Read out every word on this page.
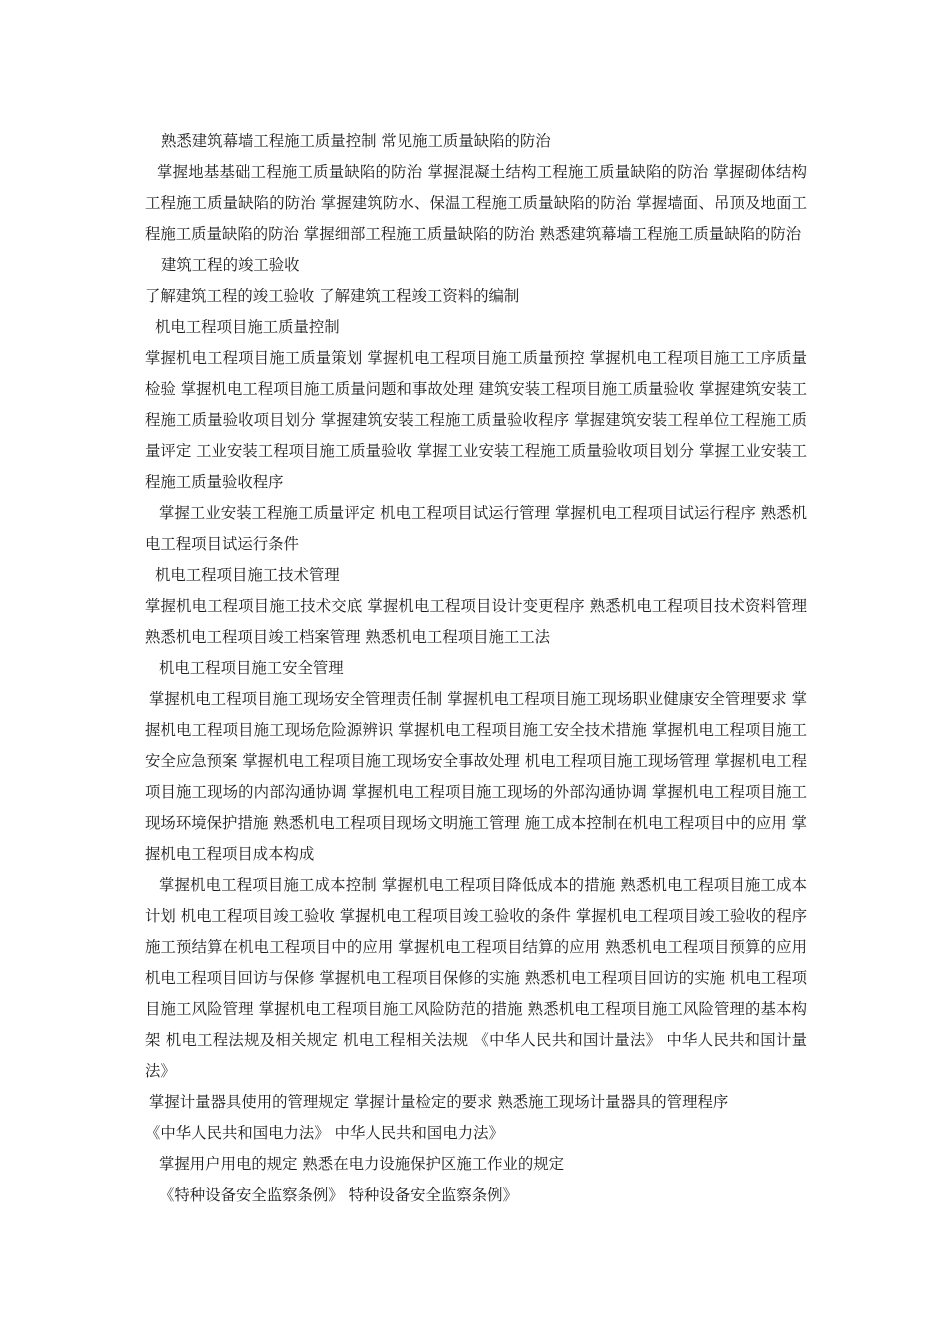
熟悉建筑幕墙工程施工质量控制 常见施工质量缺陷的防治

掌握地基基础工程施工质量缺陷的防治 掌握混凝土结构工程施工质量缺陷的防治 掌握砌体结构工程施工质量缺陷的防治 掌握建筑防水、保温工程施工质量缺陷的防治 掌握墙面、吊顶及地面工程施工质量缺陷的防治 掌握细部工程施工质量缺陷的防治 熟悉建筑幕墙工程施工质量缺陷的防治

建筑工程的竣工验收

了解建筑工程的竣工验收 了解建筑工程竣工资料的编制

机电工程项目施工质量控制

掌握机电工程项目施工质量策划 掌握机电工程项目施工质量预控 掌握机电工程项目施工工序质量检验 掌握机电工程项目施工质量问题和事故处理 建筑安装工程项目施工质量验收 掌握建筑安装工程施工质量验收项目划分 掌握建筑安装工程施工质量验收程序 掌握建筑安装工程单位工程施工质量评定 工业安装工程项目施工质量验收 掌握工业安装工程施工质量验收项目划分 掌握工业安装工程施工质量验收程序

掌握工业安装工程施工质量评定 机电工程项目试运行管理 掌握机电工程项目试运行程序 熟悉机电工程项目试运行条件

机电工程项目施工技术管理

掌握机电工程项目施工技术交底 掌握机电工程项目设计变更程序 熟悉机电工程项目技术资料管理 熟悉机电工程项目竣工档案管理 熟悉机电工程项目施工工法

机电工程项目施工安全管理

掌握机电工程项目施工现场安全管理责任制 掌握机电工程项目施工现场职业健康安全管理要求 掌握机电工程项目施工现场危险源辨识 掌握机电工程项目施工安全技术措施 掌握机电工程项目施工安全应急预案 掌握机电工程项目施工现场安全事故处理 机电工程项目施工现场管理 掌握机电工程项目施工现场的内部沟通协调 掌握机电工程项目施工现场的外部沟通协调 掌握机电工程项目施工现场环境保护措施 熟悉机电工程项目现场文明施工管理 施工成本控制在机电工程项目中的应用 掌握机电工程项目成本构成

掌握机电工程项目施工成本控制 掌握机电工程项目降低成本的措施 熟悉机电工程项目施工成本计划 机电工程项目竣工验收 掌握机电工程项目竣工验收的条件 掌握机电工程项目竣工验收的程序 施工预结算在机电工程项目中的应用 掌握机电工程项目结算的应用 熟悉机电工程项目预算的应用 机电工程项目回访与保修 掌握机电工程项目保修的实施 熟悉机电工程项目回访的实施 机电工程项目施工风险管理 掌握机电工程项目施工风险防范的措施 熟悉机电工程项目施工风险管理的基本构架 机电工程法规及相关规定 机电工程相关法规 《中华人民共和国计量法》 中华人民共和国计量法》

掌握计量器具使用的管理规定 掌握计量检定的要求 熟悉施工现场计量器具的管理程序

《中华人民共和国电力法》 中华人民共和国电力法》

掌握用户用电的规定 熟悉在电力设施保护区施工作业的规定

《特种设备安全监察条例》 特种设备安全监察条例》
